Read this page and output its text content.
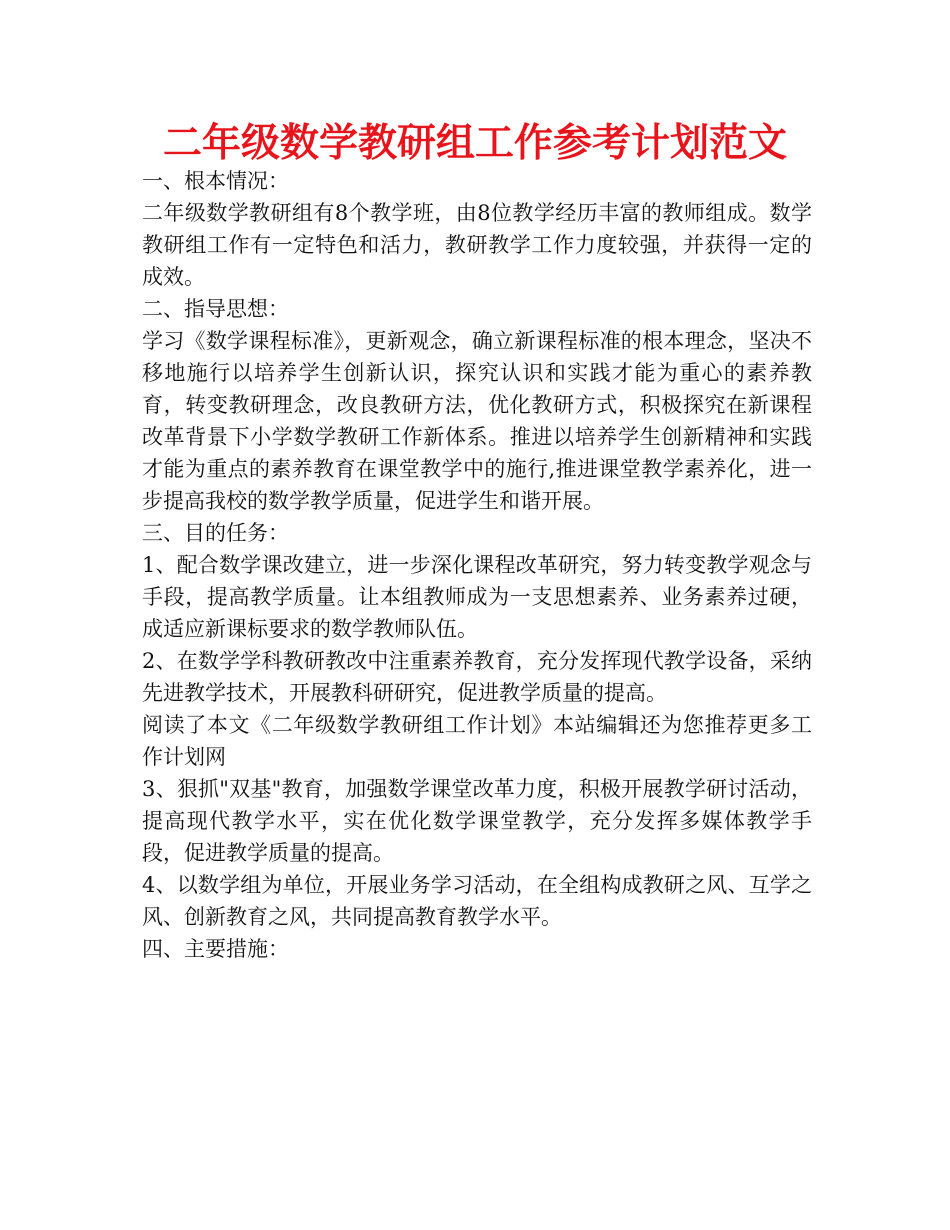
二年级数学教研组工作参考计划范文

一、根本情况：

二年级数学教研组有8个教学班，由8位教学经历丰富的教师组成。数学教研组工作有一定特色和活力，教研教学工作力度较强，并获得一定的成效。

二、指导思想：

学习《数学课程标准》，更新观念，确立新课程标准的根本理念，坚决不移地施行以培养学生创新认识，探究认识和实践才能为重心的素养教育，转变教研理念，改良教研方法，优化教研方式，积极探究在新课程改革背景下小学数学教研工作新体系。推进以培养学生创新精神和实践才能为重点的素养教育在课堂教学中的施行,推进课堂教学素养化，进一步提高我校的数学教学质量，促进学生和谐开展。

三、目的任务：

1、配合数学课改建立，进一步深化课程改革研究，努力转变教学观念与手段，提高教学质量。让本组教师成为一支思想素养、业务素养过硬，成适应新课标要求的数学教师队伍。

2、在数学学科教研教改中注重素养教育，充分发挥现代教学设备，采纳先进教学技术，开展教科研研究，促进教学质量的提高。

阅读了本文《二年级数学教研组工作计划》本站编辑还为您推荐更多工作计划网

3、狠抓"双基"教育，加强数学课堂改革力度，积极开展教学研讨活动，提高现代教学水平，实在优化数学课堂教学，充分发挥多媒体教学手段，促进教学质量的提高。

4、以数学组为单位，开展业务学习活动，在全组构成教研之风、互学之风、创新教育之风，共同提高教育教学水平。

四、主要措施：
